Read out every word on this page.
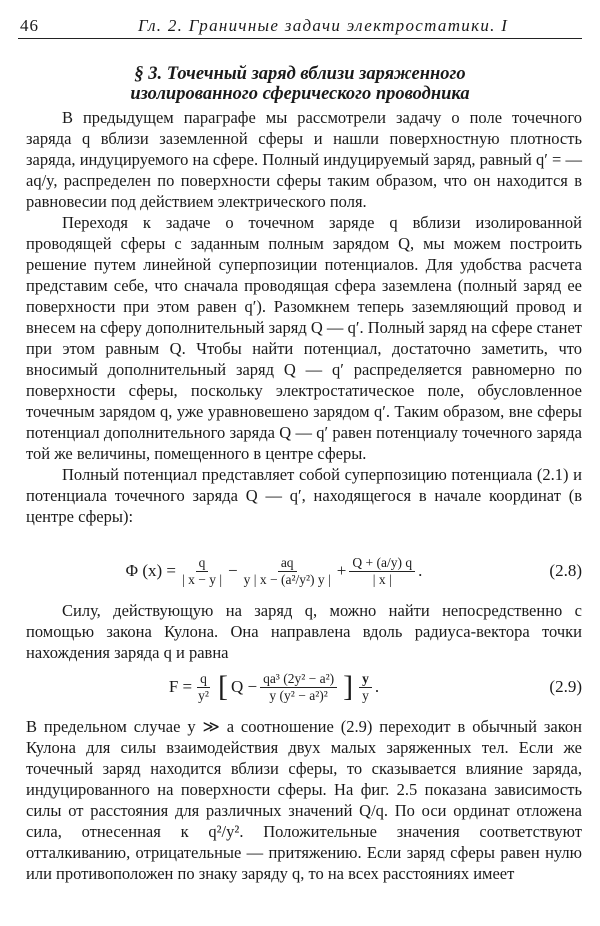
46	Гл. 2. Граничные задачи электростатики. I
§ 3. Точечный заряд вблизи заряженного
изолированного сферического проводника

В предыдущем параграфе мы рассмотрели задачу о поле точечного заряда q вблизи заземленной сферы и нашли поверхностную плотность заряда, индуцируемого на сфере. Полный индуцируемый заряд, равный q′ = — aq/y, распределен по поверхности сферы таким образом, что он находится в равновесии под действием электрического поля.

Переходя к задаче о точечном заряде q вблизи изолированной проводящей сферы с заданным полным зарядом Q, мы можем построить решение путем линейной суперпозиции потенциалов. Для удобства расчета представим себе, что сначала проводящая сфера заземлена (полный заряд ее поверхности при этом равен q′). Разомкнем теперь заземляющий провод и внесем на сферу дополнительный заряд Q — q′. Полный заряд на сфере станет при этом равным Q. Чтобы найти потенциал, достаточно заметить, что вносимый дополнительный заряд Q — q′ распределяется равномерно по поверхности сферы, поскольку электростатическое поле, обусловленное точечным зарядом q, уже уравновешено зарядом q′. Таким образом, вне сферы потенциал дополнительного заряда Q — q′ равен потенциалу точечного заряда той же величины, помещенного в центре сферы.

Полный потенциал представляет собой суперпозицию потенциала (2.1) и потенциала точечного заряда Q — q′, находящегося в начале координат (в центре сферы):

Φ $(x) = \frac{q}{| x - y |} - \frac{aq}{\text{y | x − (a²/y²) y |}} + \frac{Q + (a/y) q}{| x |}$ .	(2.8)

Силу, действующую на заряд q, можно найти непосредственно с помощью закона Кулона. Она направлена вдоль радиуса-вектора точки нахождения заряда q и равна

$F = \frac{q}{\text{y²}}$ [ $Q - \frac{\text{qa³ (2y² − a²)}}{\text{y (y² − a²)²}}$ ] $\frac{y}{y}$ .	(2.9)

В предельном случае y ≫ a соотношение (2.9) переходит в обычный закон Кулона для силы взаимодействия двух малых заряженных тел. Если же точечный заряд находится вблизи сферы, то сказывается влияние заряда, индуцированного на поверхности сферы. На фиг. 2.5 показана зависимость силы от расстояния для различных значений Q/q. По оси ординат отложена сила, отнесенная к q²/y². Положительные значения соответствуют отталкиванию, отрицательные — притяжению. Если заряд сферы равен нулю или противоположен по знаку заряду q, то на всех расстояниях имеет
